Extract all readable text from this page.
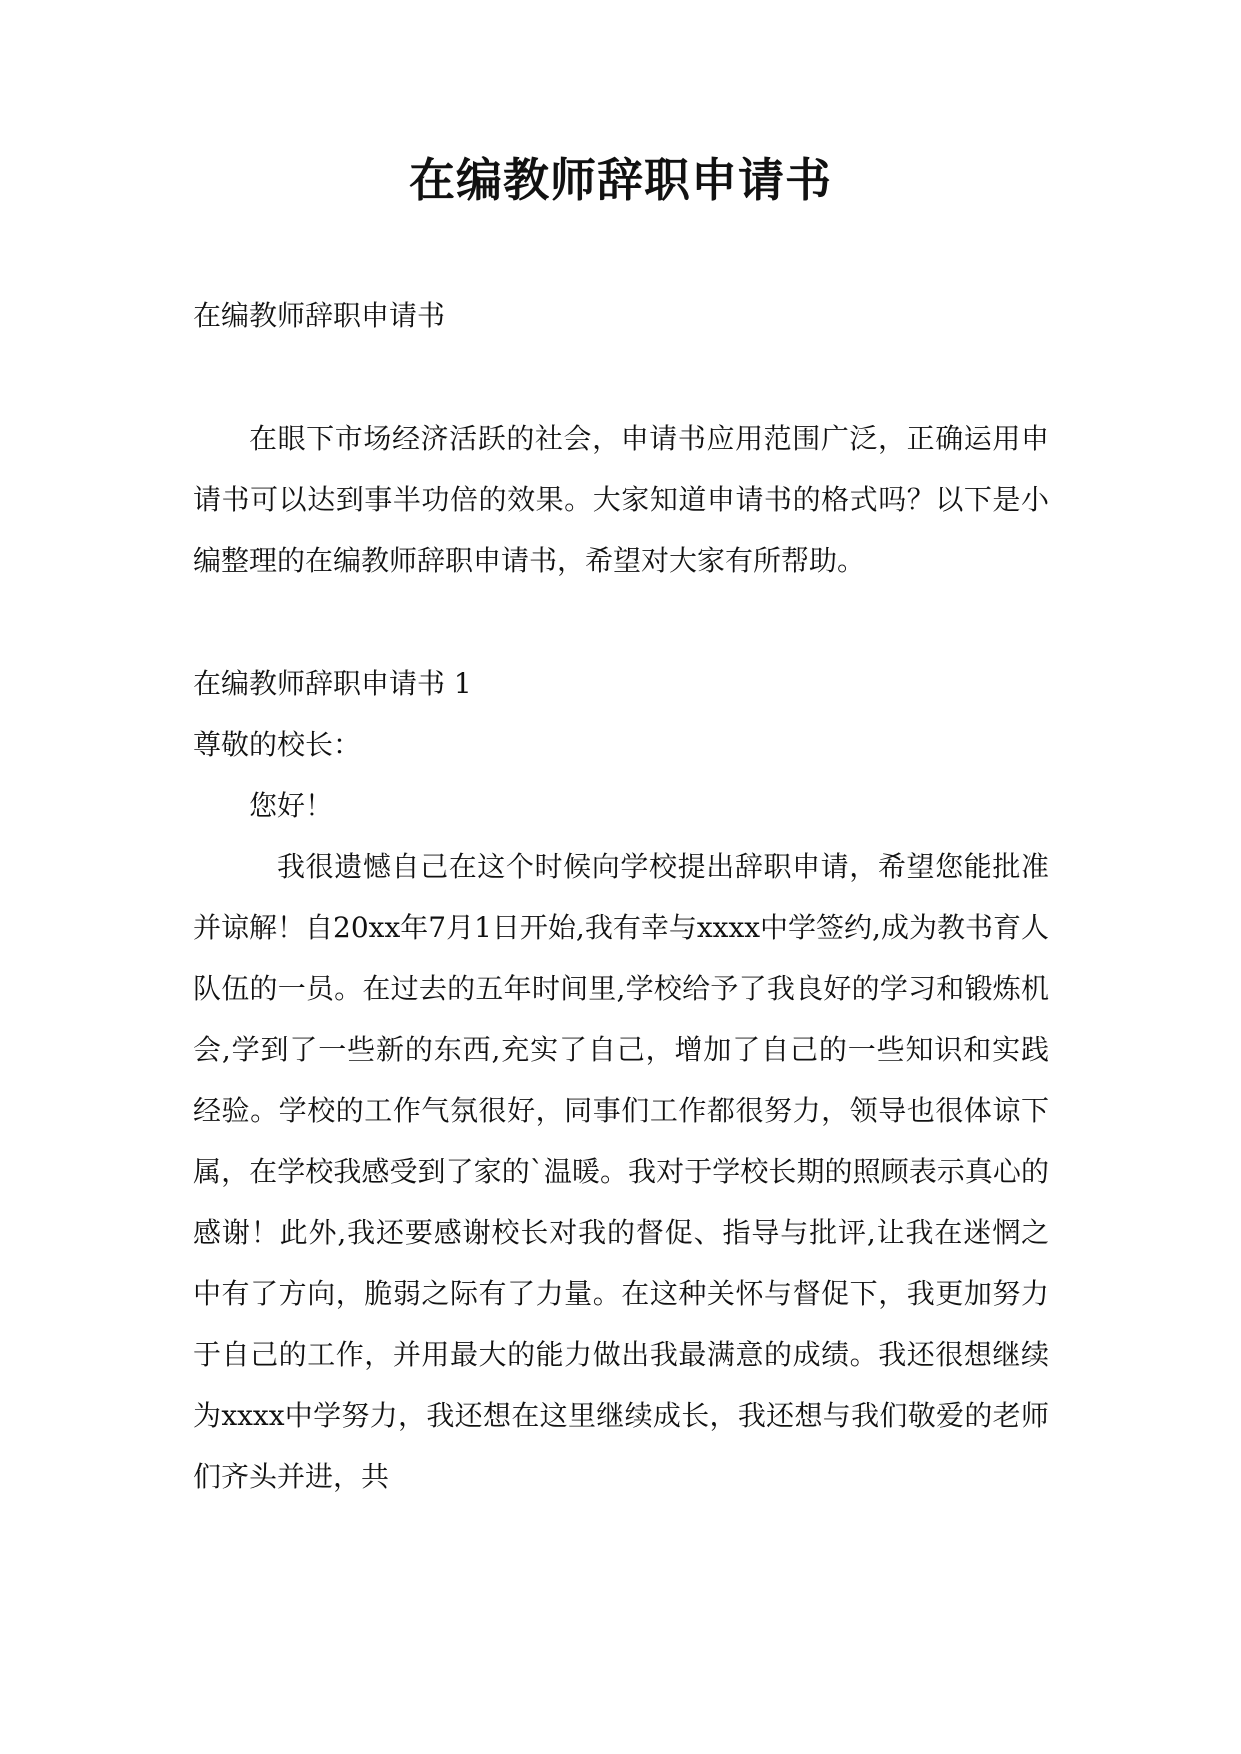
在编教师辞职申请书

在编教师辞职申请书

在眼下市场经济活跃的社会，申请书应用范围广泛，正确运用申请书可以达到事半功倍的效果。大家知道申请书的格式吗？以下是小编整理的在编教师辞职申请书，希望对大家有所帮助。

在编教师辞职申请书 1

尊敬的校长：

您好！

我很遗憾自己在这个时候向学校提出辞职申请，希望您能批准并谅解！自20xx年7月1日开始,我有幸与xxxx中学签约,成为教书育人队伍的一员。在过去的五年时间里,学校给予了我良好的学习和锻炼机会,学到了一些新的东西,充实了自己，增加了自己的一些知识和实践经验。学校的工作气氛很好，同事们工作都很努力，领导也很体谅下属，在学校我感受到了家的`温暖。我对于学校长期的照顾表示真心的感谢！此外,我还要感谢校长对我的督促、指导与批评,让我在迷惘之中有了方向，脆弱之际有了力量。在这种关怀与督促下，我更加努力于自己的工作，并用最大的能力做出我最满意的成绩。我还很想继续为xxxx中学努力，我还想在这里继续成长，我还想与我们敬爱的老师们齐头并进，共
